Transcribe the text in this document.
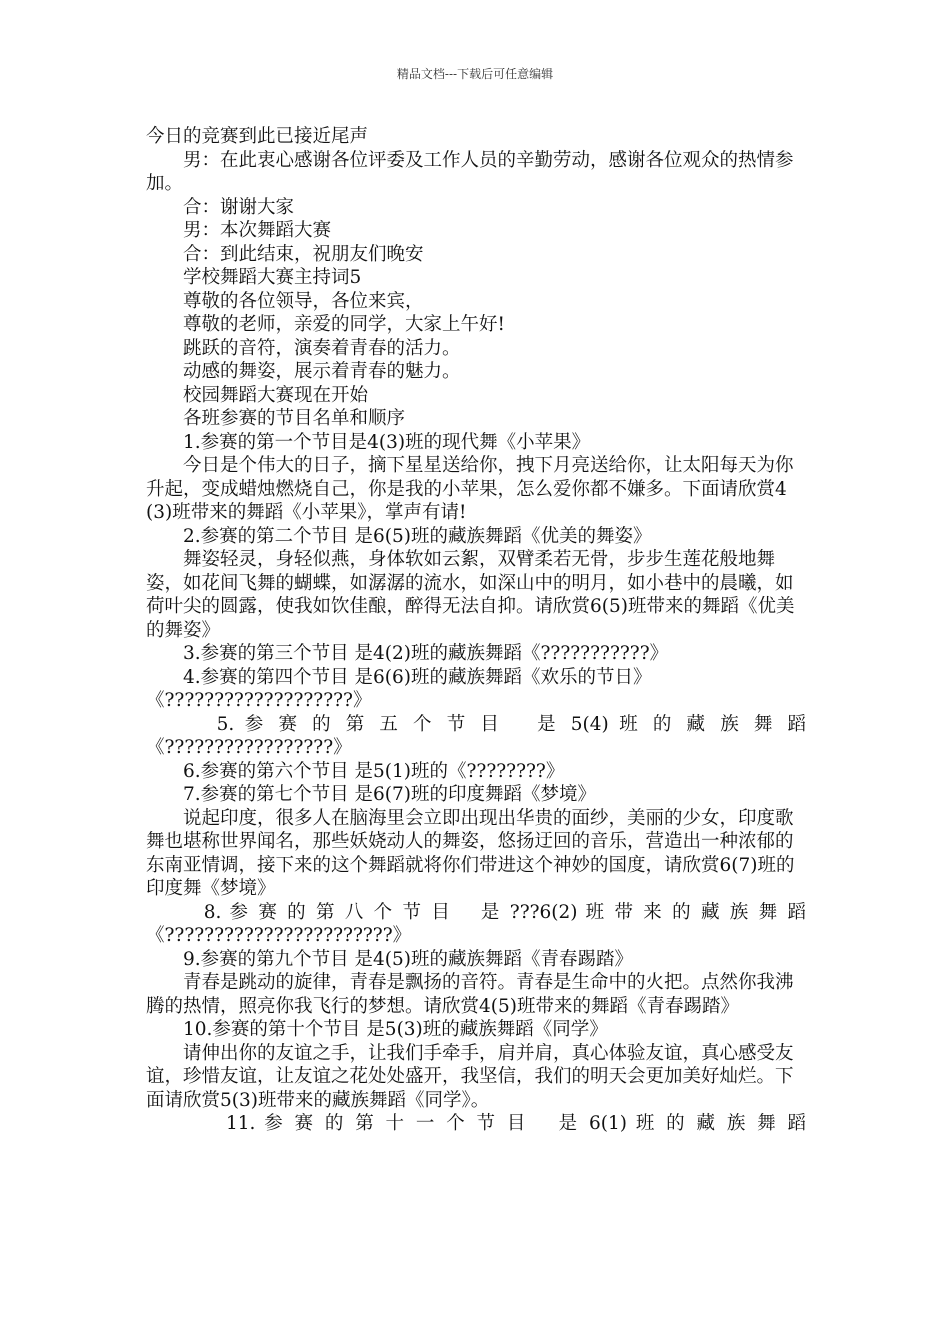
精品文档---下载后可任意编辑

今日的竞赛到此已接近尾声

男：在此衷心感谢各位评委及工作人员的辛勤劳动，感谢各位观众的热情参加。

合：谢谢大家

男：本次舞蹈大赛

合：到此结束，祝朋友们晚安

学校舞蹈大赛主持词5

尊敬的各位领导，各位来宾，

尊敬的老师，亲爱的同学，大家上午好!

跳跃的音符，演奏着青春的活力。

动感的舞姿，展示着青春的魅力。

校园舞蹈大赛现在开始

各班参赛的节目名单和顺序

1.参赛的第一个节目是4(3)班的现代舞《小苹果》

今日是个伟大的日子，摘下星星送给你，拽下月亮送给你，让太阳每天为你升起，变成蜡烛燃烧自己，你是我的小苹果，怎么爱你都不嫌多。下面请欣赏4(3)班带来的舞蹈《小苹果》，掌声有请!

2.参赛的第二个节目 是6(5)班的藏族舞蹈《优美的舞姿》

舞姿轻灵，身轻似燕，身体软如云絮，双臂柔若无骨，步步生莲花般地舞姿，如花间飞舞的蝴蝶，如潺潺的流水，如深山中的明月，如小巷中的晨曦，如荷叶尖的圆露，使我如饮佳酿，醉得无法自抑。请欣赏6(5)班带来的舞蹈《优美的舞姿》

3.参赛的第三个节目 是4(2)班的藏族舞蹈《???????????》

4.参赛的第四个节目 是6(6)班的藏族舞蹈《欢乐的节日》《???????????????????》

　 5. 参 赛 的 第 五 个 节 目　 是 5(4) 班 的 藏 族 舞 蹈《?????????????????》

6.参赛的第六个节目 是5(1)班的《????????》

7.参赛的第七个节目 是6(7)班的印度舞蹈《梦境》

说起印度，很多人在脑海里会立即出现出华贵的面纱，美丽的少女，印度歌舞也堪称世界闻名，那些妖娆动人的舞姿，悠扬迂回的音乐，营造出一种浓郁的东南亚情调，接下来的这个舞蹈就将你们带进这个神妙的国度，请欣赏6(7)班的印度舞《梦境》

　8. 参 赛 的 第 八 个 节 目　 是 ???6(2) 班 带 来 的 藏 族 舞 蹈《???????????????????????》

9.参赛的第九个节目 是4(5)班的藏族舞蹈《青春踢踏》

青春是跳动的旋律，青春是飘扬的音符。青春是生命中的火把。点然你我沸腾的热情，照亮你我飞行的梦想。请欣赏4(5)班带来的舞蹈《青春踢踏》

10.参赛的第十个节目 是5(3)班的藏族舞蹈《同学》

请伸出你的友谊之手，让我们手牵手，肩并肩，真心体验友谊，真心感受友谊，珍惜友谊，让友谊之花处处盛开，我坚信，我们的明天会更加美好灿烂。下面请欣赏5(3)班带来的藏族舞蹈《同学》。

　　11. 参 赛 的 第 十 一 个 节 目　 是 6(1) 班 的 藏 族 舞 蹈
